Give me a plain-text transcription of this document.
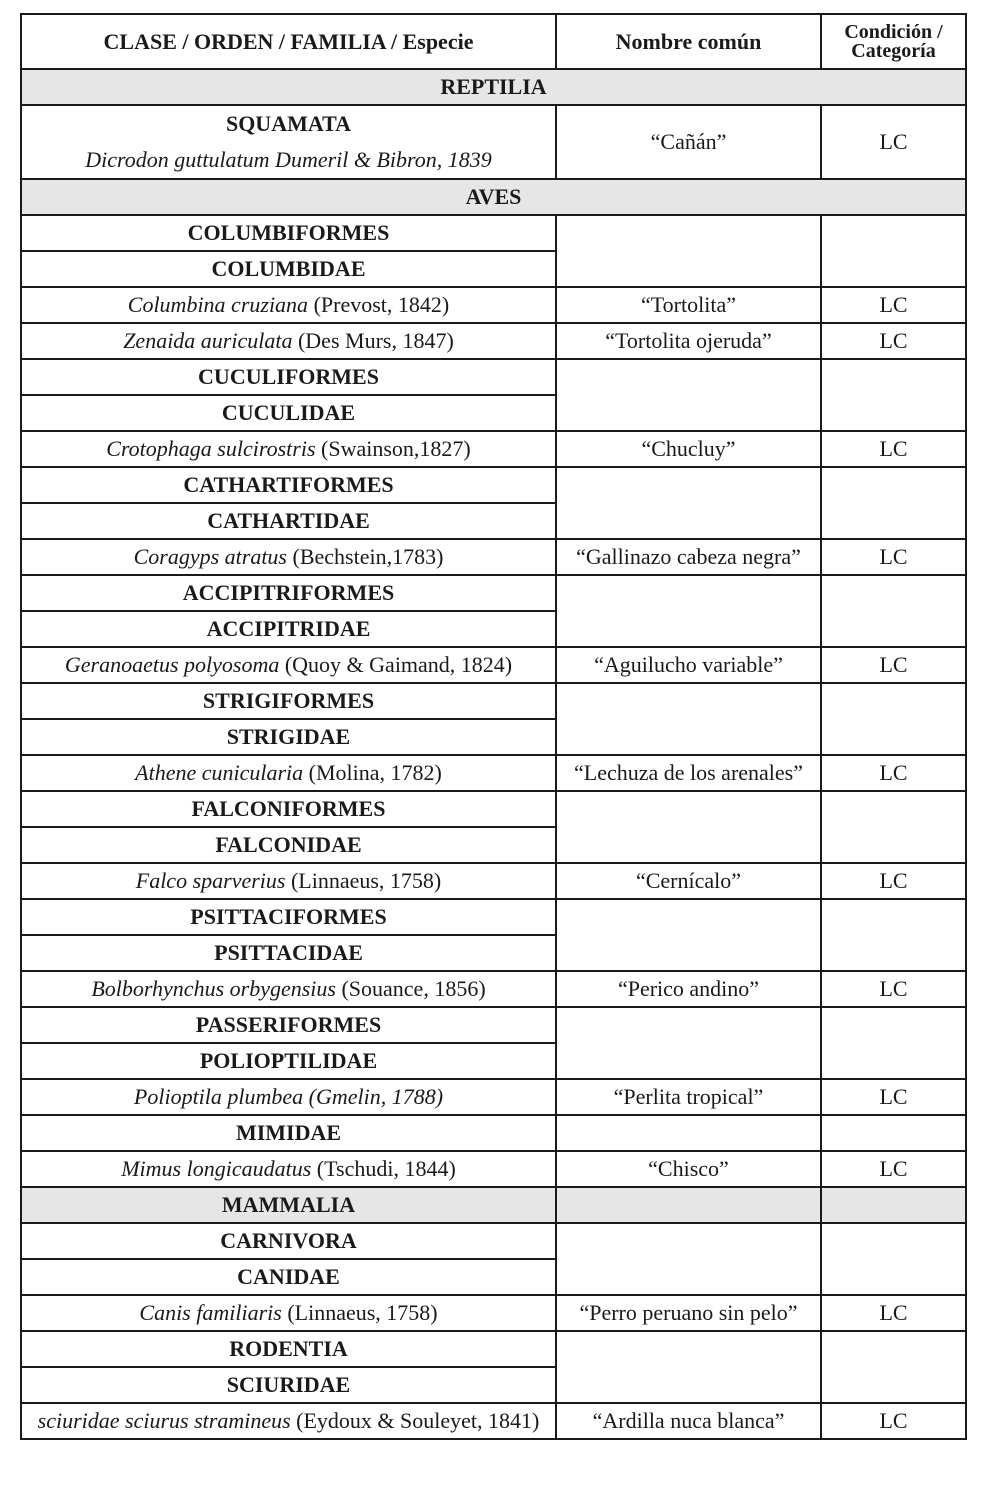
CLASE / ORDEN / FAMILIA / Especie	Nombre común	Condición / Categoría
REPTILIA		

SQUAMATA
Dicrodon guttulatum Dumeril & Bibron, 1839	“Cañán”	LC
AVES		
COLUMBIFORMES		
COLUMBIDAE		
Columbina cruziana (Prevost, 1842)	“Tortolita”	LC
Zenaida auriculata (Des Murs, 1847)	“Tortolita ojeruda”	LC
CUCULIFORMES		
CUCULIDAE		
Crotophaga sulcirostris (Swainson,1827)	“Chucluy”	LC
CATHARTIFORMES		
CATHARTIDAE		
Coragyps atratus (Bechstein,1783)	“Gallinazo cabeza negra”	LC
ACCIPITRIFORMES		
ACCIPITRIDAE		
Geranoaetus polyosoma (Quoy & Gaimand, 1824)	“Aguilucho variable”	LC
STRIGIFORMES		
STRIGIDAE		
Athene cunicularia (Molina, 1782)	“Lechuza de los arenales”	LC
FALCONIFORMES		
FALCONIDAE		
Falco sparverius (Linnaeus, 1758)	“Cernícalo”	LC
PSITTACIFORMES		
PSITTACIDAE		
Bolborhynchus orbygensius (Souance, 1856)	“Perico andino”	LC
PASSERIFORMES		
POLIOPTILIDAE		
Polioptila plumbea (Gmelin, 1788)	“Perlita tropical”	LC
MIMIDAE		
Mimus longicaudatus (Tschudi, 1844)	“Chisco”	LC
MAMMALIA		
CARNIVORA		
CANIDAE		
Canis familiaris (Linnaeus, 1758)	“Perro peruano sin pelo”	LC
RODENTIA		
SCIURIDAE		
sciuridae sciurus stramineus (Eydoux & Souleyet, 1841)	“Ardilla nuca blanca”	LC
